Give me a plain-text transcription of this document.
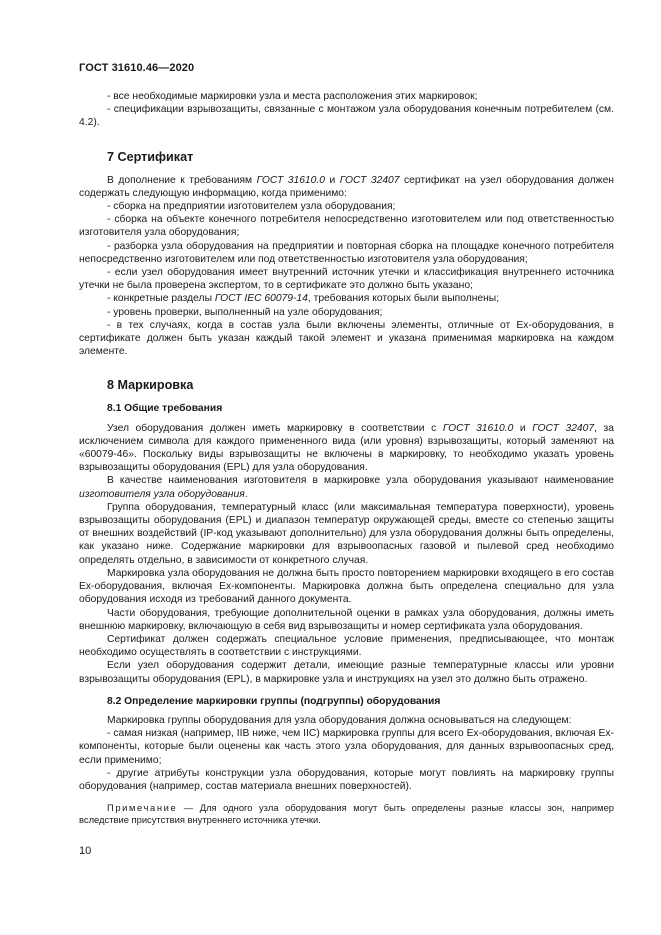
ГОСТ 31610.46—2020

- все необходимые маркировки узла и места расположения этих маркировок;

- спецификации взрывозащиты, связанные с монтажом узла оборудования конечным потребителем (см. 4.2).

7 Сертификат

В дополнение к требованиям ГОСТ 31610.0 и ГОСТ 32407 сертификат на узел оборудования должен содержать следующую информацию, когда применимо:

- сборка на предприятии изготовителем узла оборудования;

- сборка на объекте конечного потребителя непосредственно изготовителем или под ответственностью изготовителя узла оборудования;

- разборка узла оборудования на предприятии и повторная сборка на площадке конечного потребителя непосредственно изготовителем или под ответственностью изготовителя узла оборудования;

- если узел оборудования имеет внутренний источник утечки и классификация внутреннего источника утечки не была проверена экспертом, то в сертификате это должно быть указано;

- конкретные разделы ГОСТ IEC 60079-14, требования которых были выполнены;

- уровень проверки, выполненный на узле оборудования;

- в тех случаях, когда в состав узла были включены элементы, отличные от Ex-оборудования, в сертификате должен быть указан каждый такой элемент и указана применимая маркировка на каждом элементе.

8 Маркировка
8.1 Общие требования

Узел оборудования должен иметь маркировку в соответствии с ГОСТ 31610.0 и ГОСТ 32407, за исключением символа для каждого примененного вида (или уровня) взрывозащиты, который заменяют на «60079-46». Поскольку виды взрывозащиты не включены в маркировку, то необходимо указать уровень взрывозащиты оборудования (EPL) для узла оборудования.

В качестве наименования изготовителя в маркировке узла оборудования указывают наименование изготовителя узла оборудования.

Группа оборудования, температурный класс (или максимальная температура поверхности), уровень взрывозащиты оборудования (EPL) и диапазон температур окружающей среды, вместе со степенью защиты от внешних воздействий (IP-код указывают дополнительно) для узла оборудования должны быть определены, как указано ниже. Содержание маркировки для взрывоопасных газовой и пылевой сред необходимо определять отдельно, в зависимости от конкретного случая.

Маркировка узла оборудования не должна быть просто повторением маркировки входящего в его состав Ex-оборудования, включая Ex-компоненты. Маркировка должна быть определена специально для узла оборудования исходя из требований данного документа.

Части оборудования, требующие дополнительной оценки в рамках узла оборудования, должны иметь внешнюю маркировку, включающую в себя вид взрывозащиты и номер сертификата узла оборудования.

Сертификат должен содержать специальное условие применения, предписывающее, что монтаж необходимо осуществлять в соответствии с инструкциями.

Если узел оборудования содержит детали, имеющие разные температурные классы или уровни взрывозащиты оборудования (EPL), в маркировке узла и инструкциях на узел это должно быть отражено.

8.2 Определение маркировки группы (подгруппы) оборудования

Маркировка группы оборудования для узла оборудования должна основываться на следующем:

- самая низкая (например, IIB ниже, чем IIC) маркировка группы для всего Ex-оборудования, включая Ex-компоненты, которые были оценены как часть этого узла оборудования, для данных взрывоопасных сред, если применимо;

- другие атрибуты конструкции узла оборудования, которые могут повлиять на маркировку группы оборудования (например, состав материала внешних поверхностей).

Примечание — Для одного узла оборудования могут быть определены разные классы зон, например вследствие присутствия внутреннего источника утечки.

10
